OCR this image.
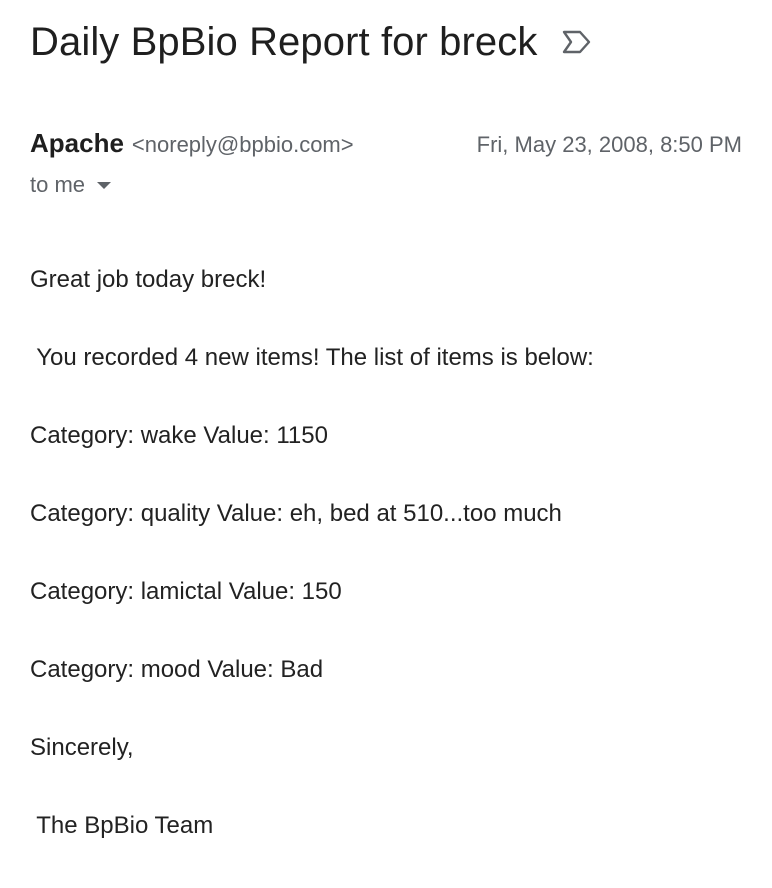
Daily BpBio Report for breck
Apache <noreply@bpbio.com>	Fri, May 23, 2008, 8:50 PM
to me

Great job today breck!

You recorded 4 new items! The list of items is below:

Category: wake Value: 1150

Category: quality Value: eh, bed at 510...too much

Category: lamictal Value: 150

Category: mood Value: Bad

Sincerely,

The BpBio Team
